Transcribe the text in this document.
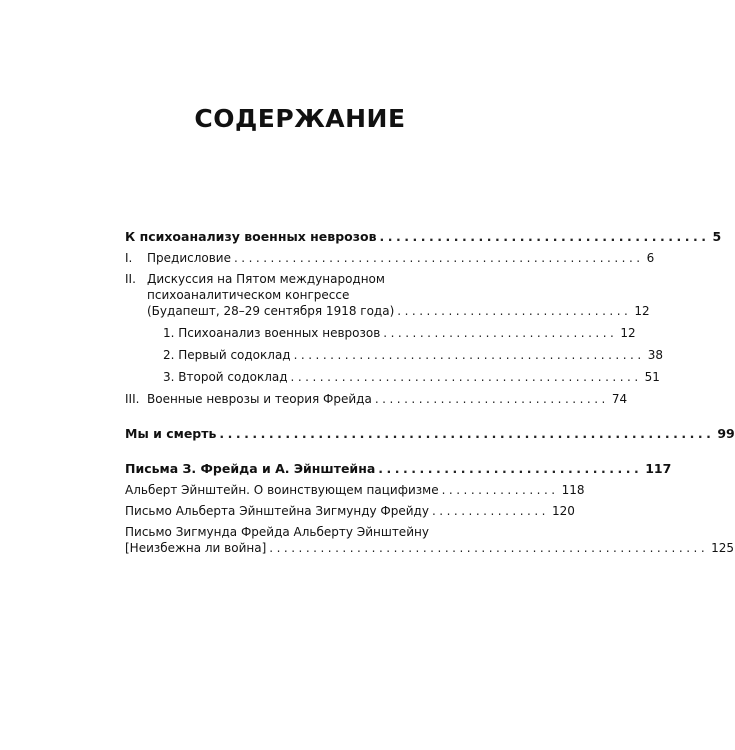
СОДЕРЖАНИЕ
К психоанализу военных неврозов ........................................ 5
I. Предисловие ........................................................ 6
II. Дискуссия на Пятом международном
психоаналитическом конгрессе
(Будапешт, 28–29 сентября 1918 года) ................................ 12
1. Психоанализ военных неврозов ................................ 12
2. Первый содоклад ................................................ 38
3. Второй содоклад ................................................ 51
III. Военные неврозы и теория Фрейда ................................ 74
Мы и смерть ............................................................ 99
Письма З. Фрейда и А. Эйнштейна ................................ 117
Альберт Эйнштейн. О воинствующем пацифизме ................ 118
Письмо Альберта Эйнштейна Зигмунду Фрейду ................ 120
Письмо Зигмунда Фрейда Альберту Эйнштейну
[Неизбежна ли война] ............................................................ 125
